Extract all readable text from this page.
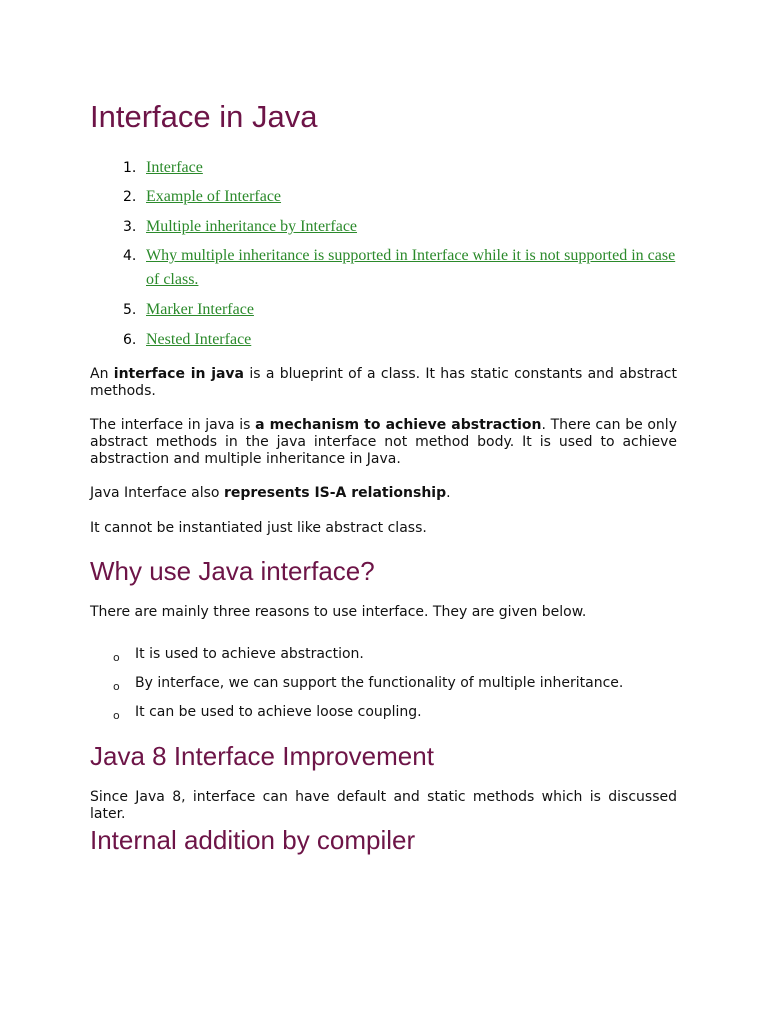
Interface in Java
1. Interface
2. Example of Interface
3. Multiple inheritance by Interface
4. Why multiple inheritance is supported in Interface while it is not supported in case of class.
5. Marker Interface
6. Nested Interface

An interface in java is a blueprint of a class. It has static constants and abstract methods.

The interface in java is a mechanism to achieve abstraction. There can be only abstract methods in the java interface not method body. It is used to achieve abstraction and multiple inheritance in Java.

Java Interface also represents IS-A relationship.

It cannot be instantiated just like abstract class.

Why use Java interface?

There are mainly three reasons to use interface. They are given below.

o It is used to achieve abstraction.
o By interface, we can support the functionality of multiple inheritance.
o It can be used to achieve loose coupling.
Java 8 Interface Improvement

Since Java 8, interface can have default and static methods which is discussed later.

Internal addition by compiler
